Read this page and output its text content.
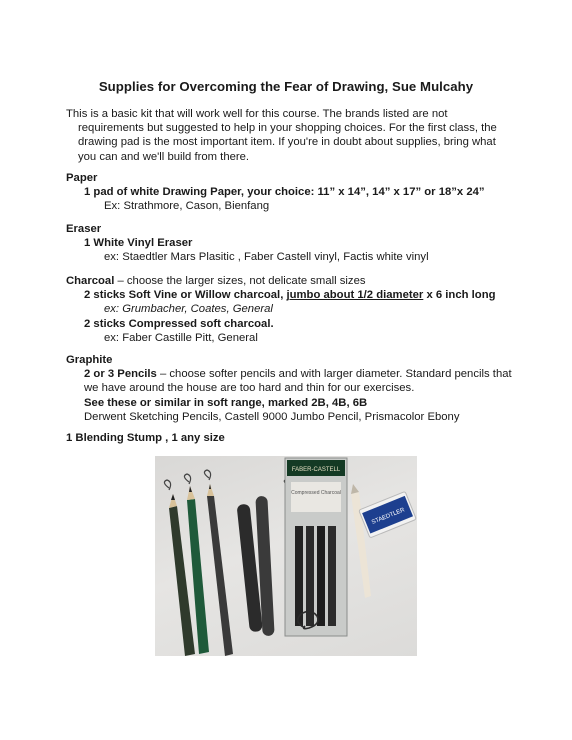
Supplies for Overcoming the Fear of Drawing, Sue Mulcahy

This is a basic kit that will work well for this course. The brands listed are not requirements but suggested to help in your shopping choices. For the first class, the drawing pad is the most important item. If you're in doubt about supplies, bring what you can and we'll build from there.

Paper
1 pad of white Drawing Paper, your choice: 11” x 14”, 14” x 17” or 18”x 24”
Ex: Strathmore, Cason, Bienfang
Eraser
1 White Vinyl Eraser
ex: Staedtler Mars Plasitic , Faber Castell vinyl, Factis white vinyl
Charcoal – choose the larger sizes, not delicate small sizes
2 sticks Soft Vine or Willow charcoal, jumbo about 1/2 diameter x 6 inch long
ex: Grumbacher, Coates, General
2 sticks Compressed soft charcoal.
ex: Faber Castille Pitt, General
Graphite
2 or 3 Pencils – choose softer pencils and with larger diameter. Standard pencils that we have around the house are too hard and thin for our exercises.
See these or similar in soft range, marked 2B, 4B, 6B
Derwent Sketching Pencils, Castell 9000 Jumbo Pencil, Prismacolor Ebony
1 Blending Stump , 1 any size
FABER-CASTELL
Compressed Charcoal
STAEDTLER
